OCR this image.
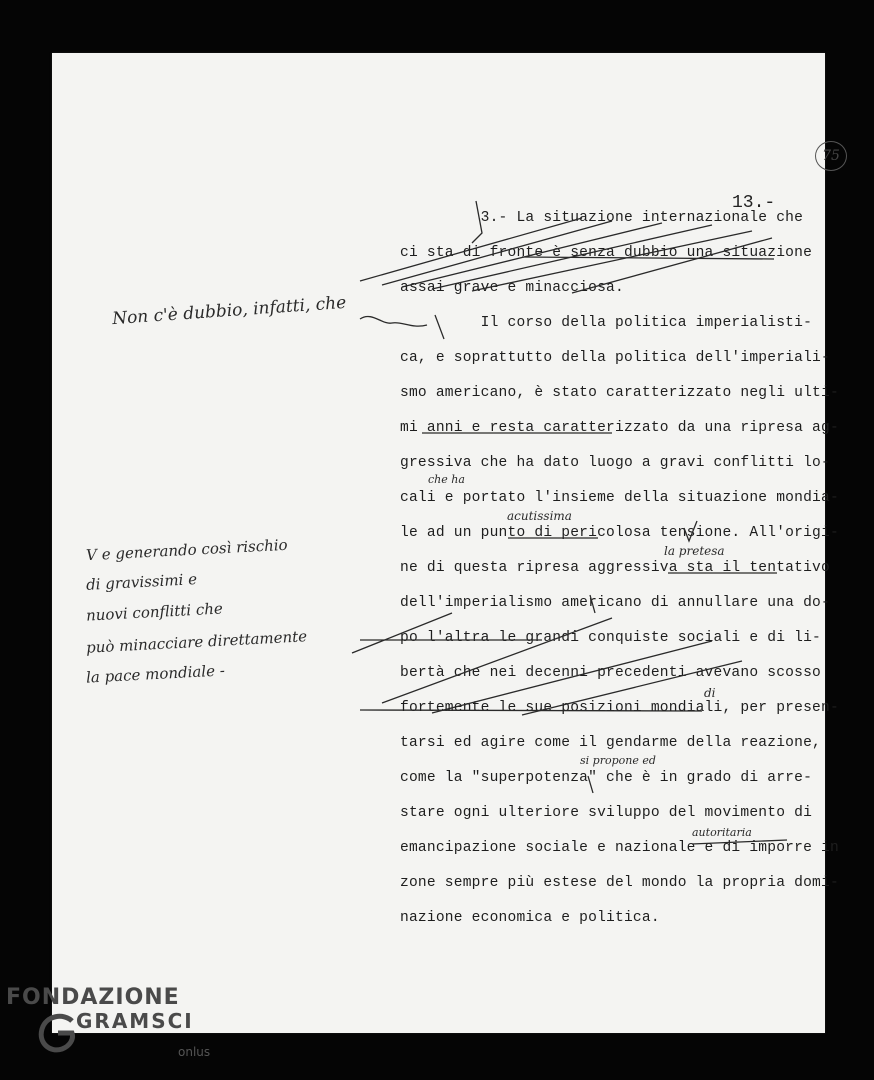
75
13.-
3.- La situazione internazionale che
ci sta di fronte è senza dubbio una situazione
assai grave e minacciosa.
Il corso della politica imperialisti-
ca, e soprattutto della politica dell'imperiali-
smo americano, è stato caratterizzato negli ulti-
mi anni e resta caratterizzato da una ripresa ag-
gressiva che ha dato luogo a gravi conflitti lo-
cali e portato l'insieme della situazione mondia-
le ad un punto di pericolosa tensione. All'origi-
ne di questa ripresa aggressiva sta il tentativo
dell'imperialismo americano di annullare una do-
po l'altra le grandi conquiste sociali e di li-
bertà che nei decenni precedenti avevano scosso
fortemente le sue posizioni mondiali, per presen-
tarsi ed agire come il gendarme della reazione,
come la "superpotenza" che è in grado di arre-
stare ogni ulteriore sviluppo del movimento di
emancipazione sociale e nazionale e di imporre in
zone sempre più estese del mondo la propria domi-
nazione economica e politica.
Non c'è dubbio, infatti, che
V e generando così rischio
di gravissimi e
nuovi conflitti che
può minacciare direttamente
la pace mondiale -
che ha
acutissima
la pretesa
di
si propone ed
autoritaria
FONDAZIONE
GRAMSCI
onlus
